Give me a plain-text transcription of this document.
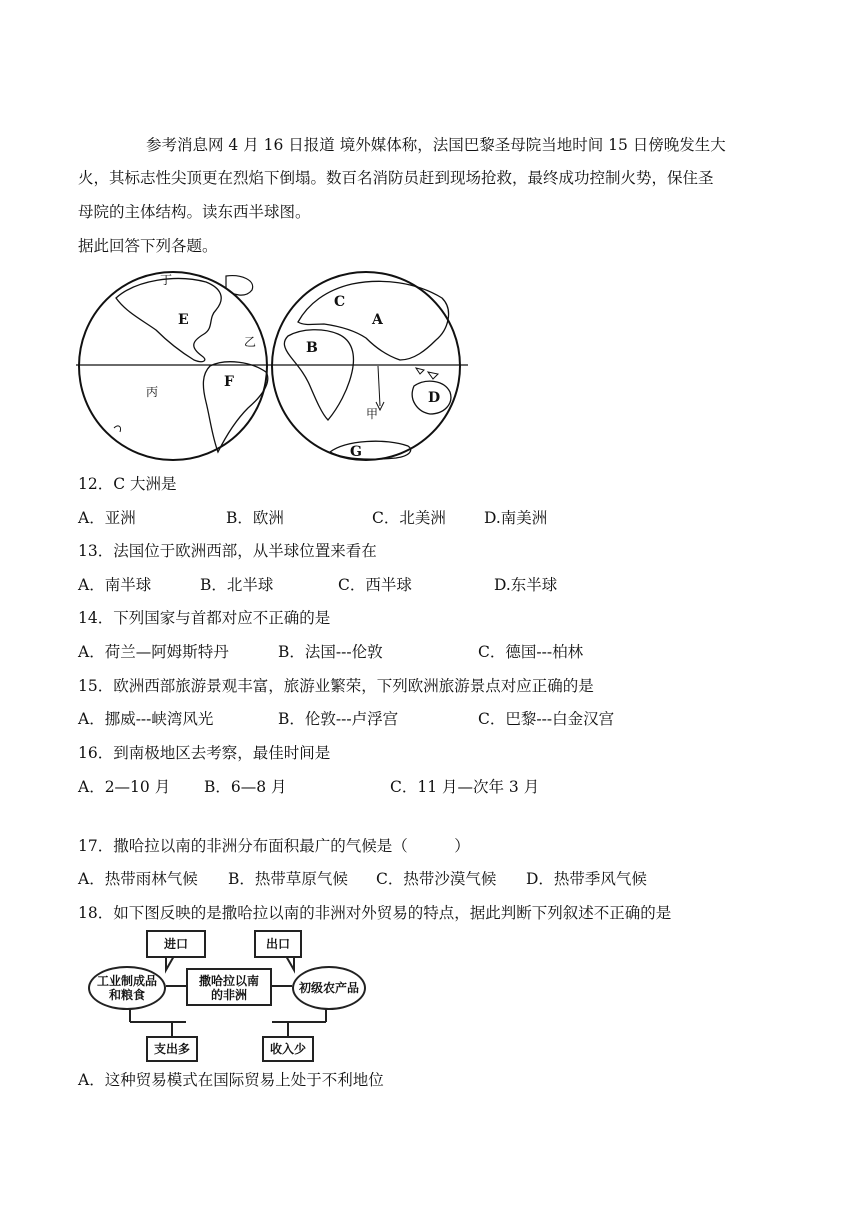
参考消息网 4 月 16 日报道 境外媒体称，法国巴黎圣母院当地时间 15 日傍晚发生大
火，其标志性尖顶更在烈焰下倒塌。数百名消防员赶到现场抢救，最终成功控制火势，保住圣
母院的主体结构。读东西半球图。
据此回答下列各题。
丁
E
乙
丙
F
C
A
B
甲
D
G
12．C 大洲是
A．亚洲	B．欧洲	C．北美洲 D.南美洲
13．法国位于欧洲西部，从半球位置来看在
A．南半球	B．北半球	C．西半球	D.东半球
14．下列国家与首都对应不正确的是
A．荷兰—阿姆斯特丹	B．法国---伦敦	C．德国---柏林
15．欧洲西部旅游景观丰富，旅游业繁荣，下列欧洲旅游景点对应正确的是
A．挪威---峡湾风光	B．伦敦---卢浮宫	C．巴黎---白金汉宫
16．到南极地区去考察，最佳时间是
A．2—10 月 B．6—8 月	C．11 月—次年 3 月
17．撒哈拉以南的非洲分布面积最广的气候是（　　　）
A．热带雨林气候 B．热带草原气候 C．热带沙漠气候 D．热带季风气候
18．如下图反映的是撒哈拉以南的非洲对外贸易的特点，据此判断下列叙述不正确的是
进口	出口
工业制成品
和粮食
撒哈拉以南
的非洲	初级农产品
支出多	收入少
A．这种贸易模式在国际贸易上处于不利地位
